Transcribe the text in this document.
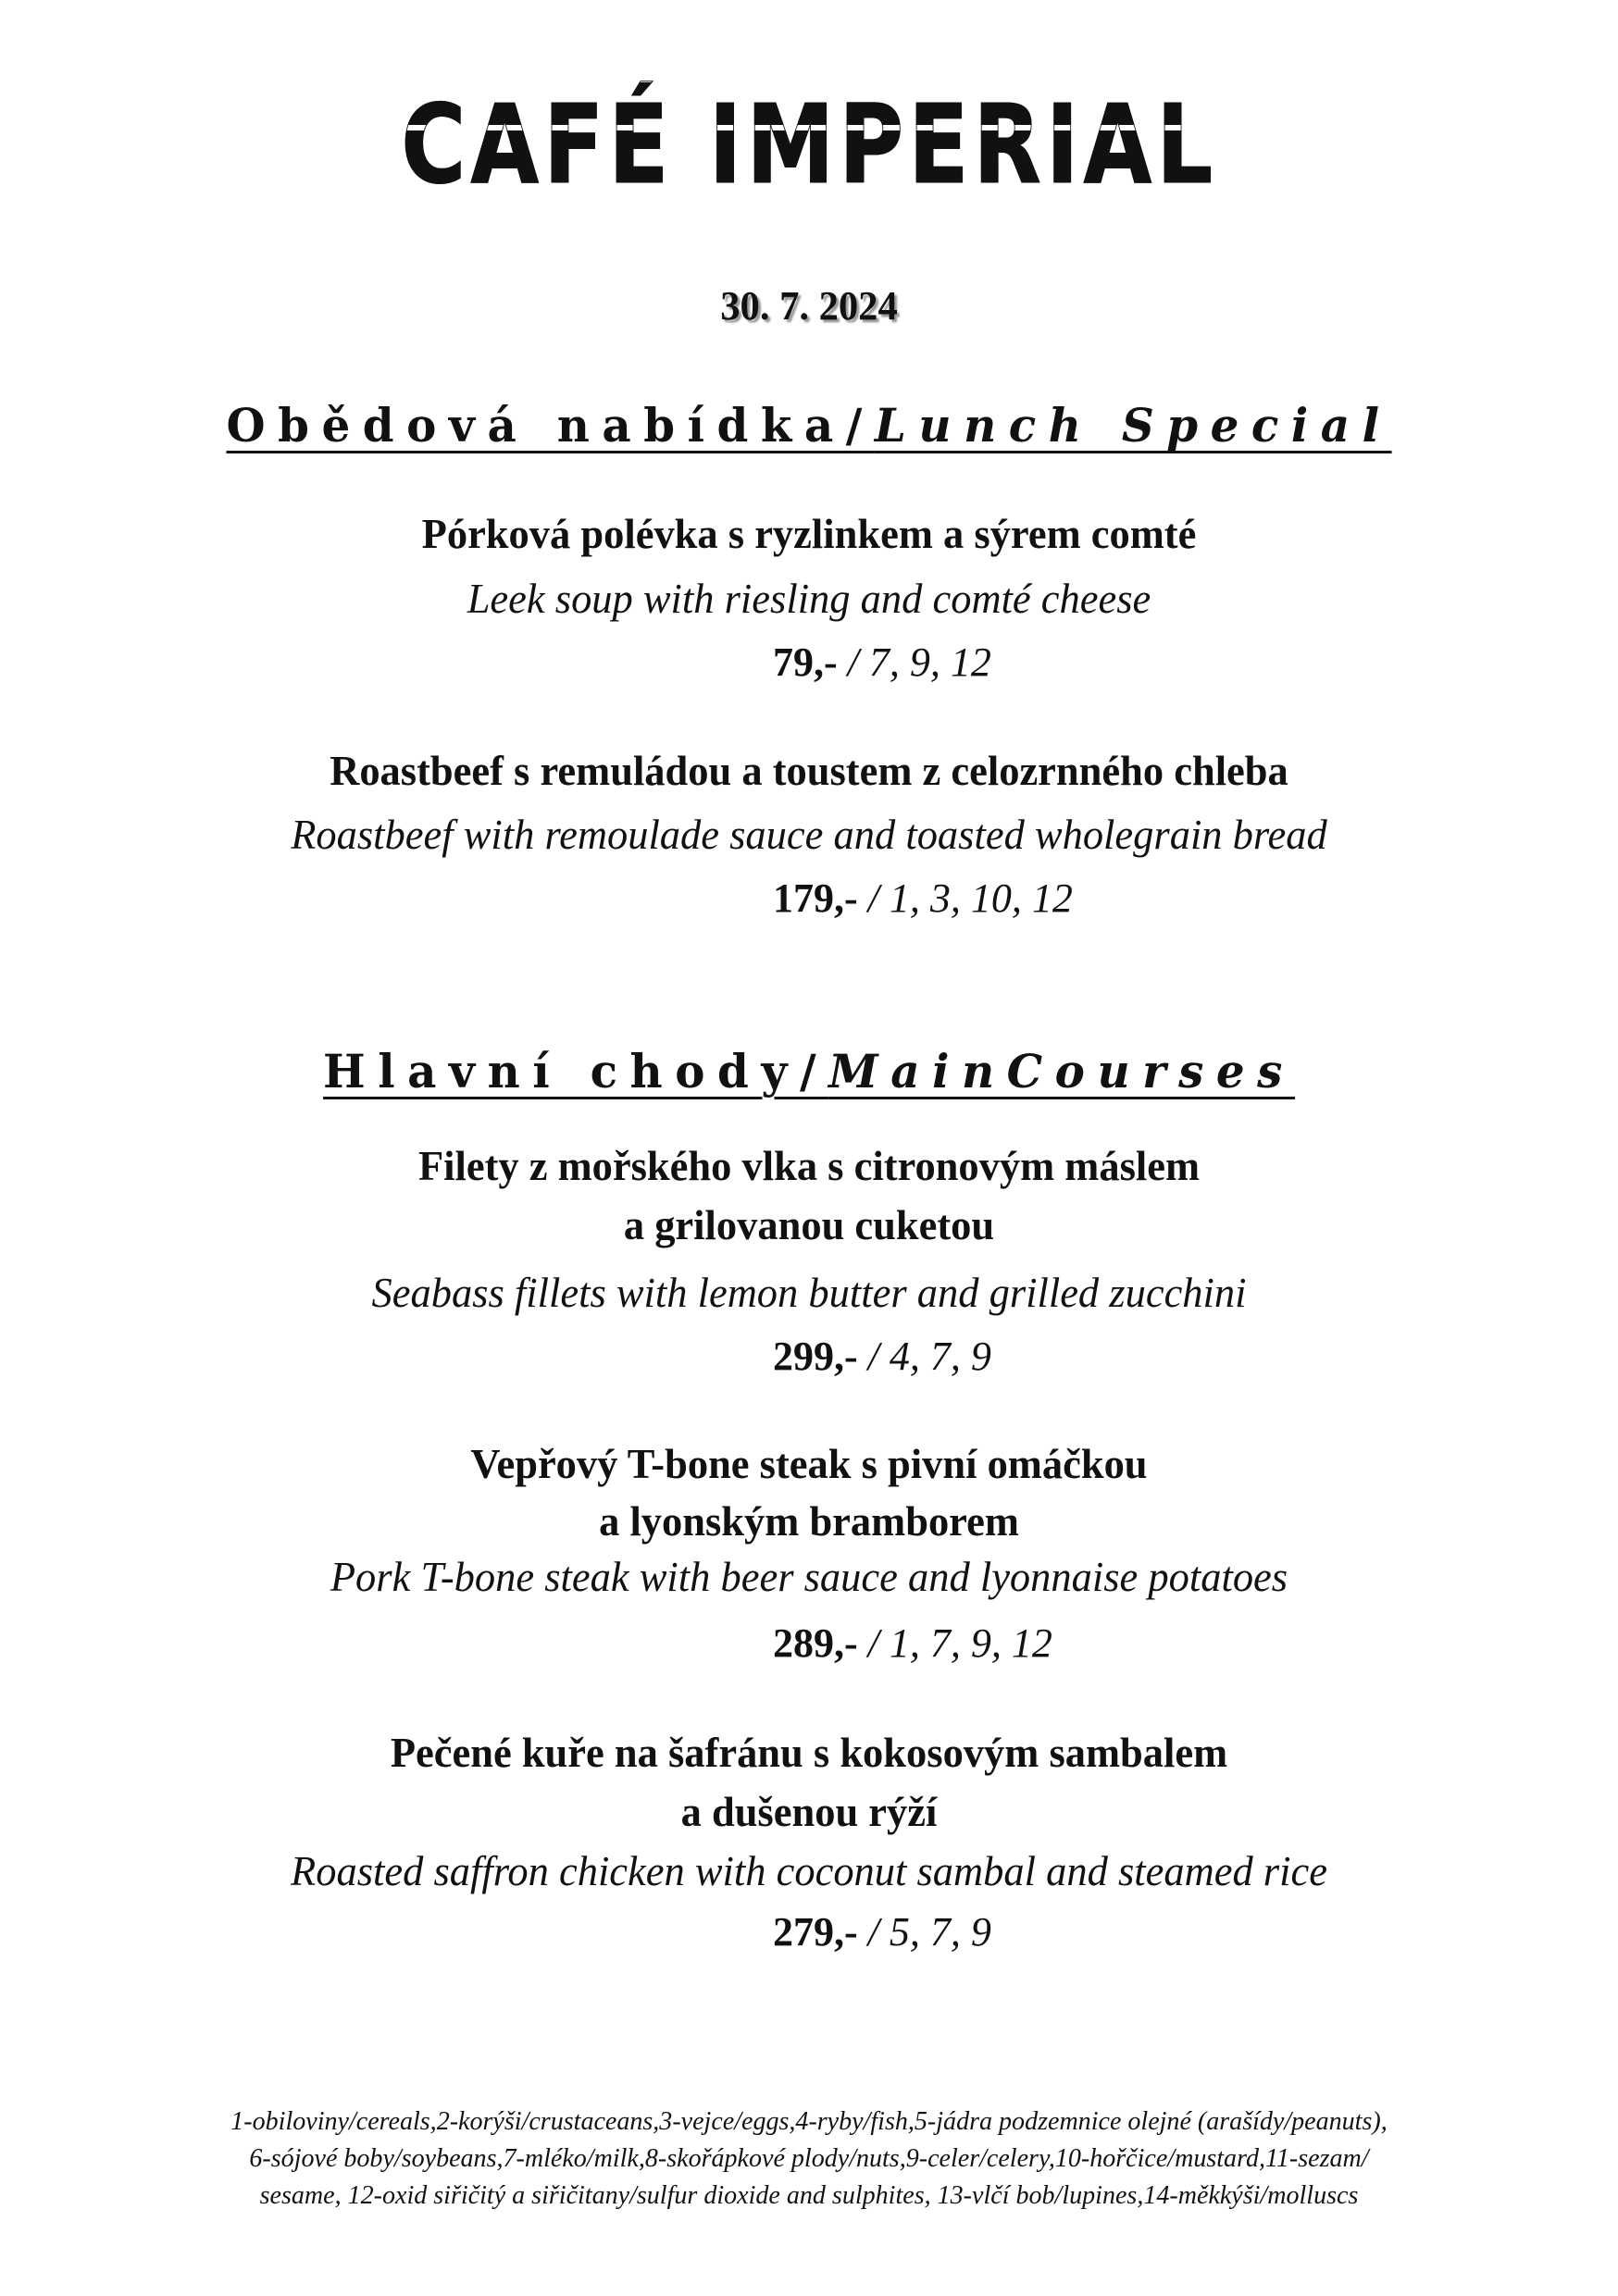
CAFÉ IMPERIAL
30. 7. 2024
Obědová nabídka/Lunch Special
Pórková polévka s ryzlinkem a sýrem comté
Leek soup with riesling and comté cheese
79,- / 7, 9, 12
Roastbeef s remuládou a toustem z celozrnného chleba
Roastbeef with remoulade sauce and toasted wholegrain bread
179,- / 1, 3, 10, 12
Hlavní chody/MainCourses
Filety z mořského vlka s citronovým máslem
a grilovanou cuketou
Seabass fillets with lemon butter and grilled zucchini
299,- / 4, 7, 9
Vepřový T-bone steak s pivní omáčkou
a lyonským bramborem
Pork T-bone steak with beer sauce and lyonnaise potatoes
289,- / 1, 7, 9, 12
Pečené kuře na šafránu s kokosovým sambalem
a dušenou rýží
Roasted saffron chicken with coconut sambal and steamed rice
279,- / 5, 7, 9
1-obiloviny/cereals,2-korýši/crustaceans,3-vejce/eggs,4-ryby/fish,5-jádra podzemnice olejné (arašídy/peanuts),
6-sójové boby/soybeans,7-mléko/milk,8-skořápkové plody/nuts,9-celer/celery,10-hořčice/mustard,11-sezam/
sesame, 12-oxid siřičitý a siřičitany/sulfur dioxide and sulphites, 13-vlčí bob/lupines,14-měkkýši/molluscs
